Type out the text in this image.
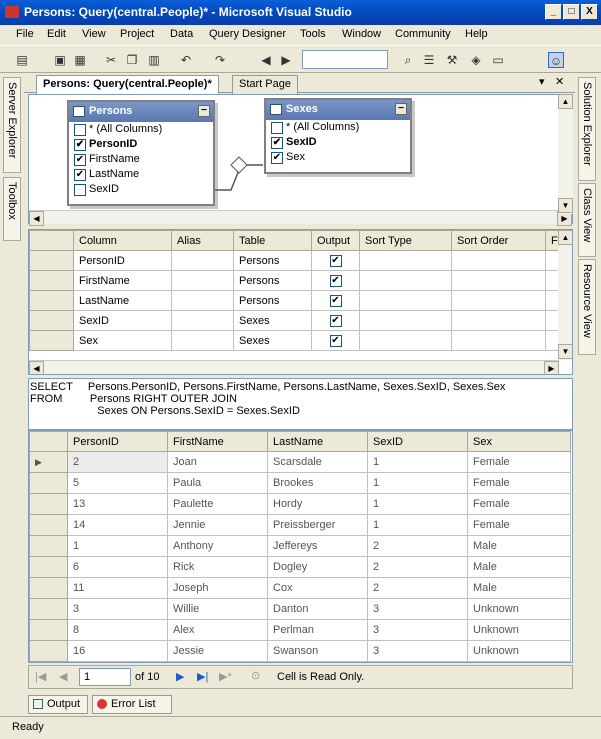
Persons: Query(central.People)* - Microsoft Visual Studio	_	□	X
File Edit View Project Data Query Designer Tools Window Community Help
▤ ▣ ▦ ✂ ❐ ▥ ↶ ↷	◀ ▶	⌕	☰ ⚒ ◈ ▭	☺
Server Explorer
Toolbox
Solution Explorer
Class View
Resource View
Persons: Query(central.People)*	Start Page	▾ ✕
Persons	−
* (All Columns)
✔ PersonID
✔ FirstName
✔ LastName
SexID
Sexes	−
* (All Columns)
✔ SexID
✔ Sex
◀	▶
▲
▼
	Column	Alias	Table	Output	Sort Type	Sort Order	F
	PersonID		Persons	✔			
	FirstName		Persons	✔			
	LastName		Persons	✔			
	SexID		Sexes	✔			
	Sex		Sexes	✔			
◀	▶
▲
▼
SELECT     Persons.PersonID, Persons.FirstName, Persons.LastName, Sexes.SexID, Sexes.Sex
FROM         Persons RIGHT OUTER JOIN
Sexes ON Persons.SexID = Sexes.SexID
	PersonID	FirstName	LastName	SexID	Sex
▶	2	Joan	Scarsdale	1	Female
	5	Paula	Brookes	1	Female
	13	Paulette	Hordy	1	Female
	14	Jennie	Preissberger	1	Female
	1	Anthony	Jeffereys	2	Male
	6	Rick	Dogley	2	Male
	11	Joseph	Cox	2	Male
	3	Willie	Danton	3	Unknown
	8	Alex	Perlman	3	Unknown
	16	Jessie	Swanson	3	Unknown
|◀ ◀	1	of 10 ▶ ▶| ▶* ⊙ Cell is Read Only.
Output	Error List
Ready
